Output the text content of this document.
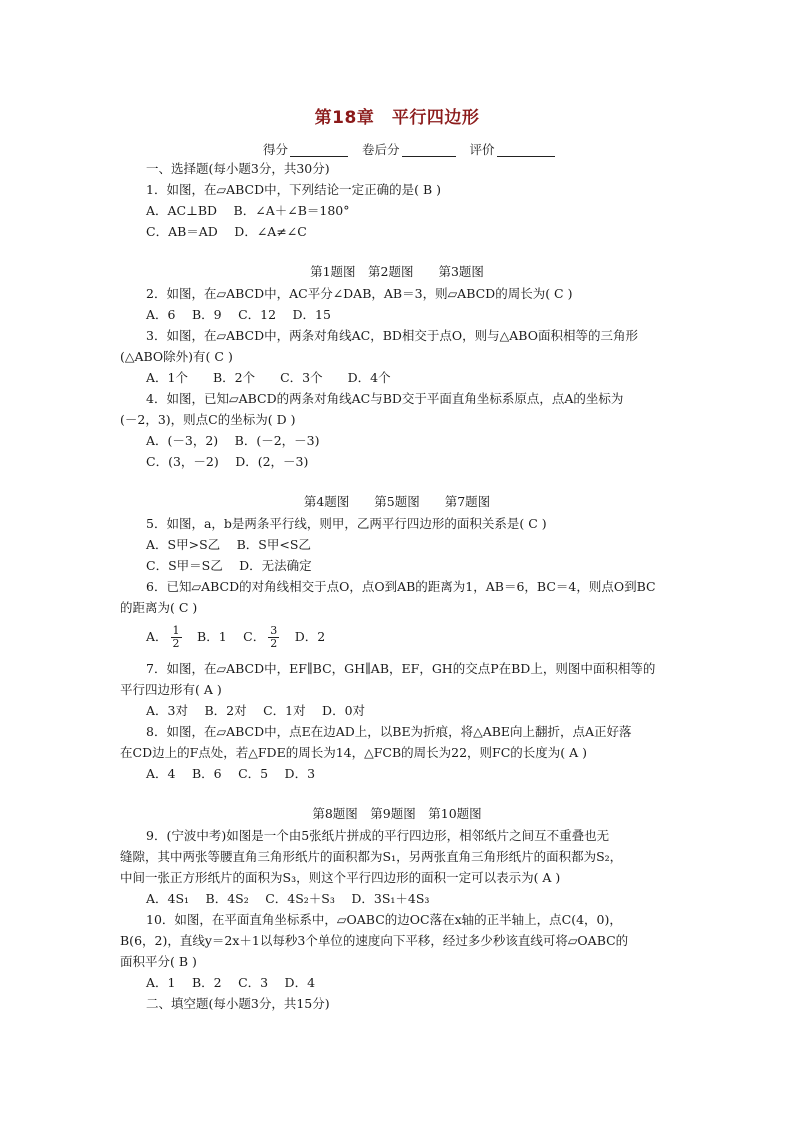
第18章　平行四边形
得分	卷后分	评价
一、选择题(每小题3分，共30分)
1．如图，在▱ABCD中，下列结论一定正确的是( B )
A．AC⊥BD　 B．∠A＋∠B＝180°
C．AB＝AD　 D．∠A≠∠C
第1题图　第2题图　　第3题图
2．如图，在▱ABCD中，AC平分∠DAB，AB＝3，则▱ABCD的周长为( C )
A．6　 B．9　 C．12　 D．15
3．如图，在▱ABCD中，两条对角线AC，BD相交于点O，则与△ABO面积相等的三角形
(△ABO除外)有( C )
A．1个　　B．2个　　C．3个　　D．4个
4．如图，已知▱ABCD的两条对角线AC与BD交于平面直角坐标系原点，点A的坐标为
(－2，3)，则点C的坐标为( D )
A．(－3，2)　 B．(－2，－3)
C．(3，－2)　 D．(2，－3)
第4题图　　第5题图　　第7题图
5．如图，a，b是两条平行线，则甲，乙两平行四边形的面积关系是( C )
A．S甲>S乙　 B．S甲<S乙
C．S甲＝S乙　 D．无法确定
6．已知▱ABCD的对角线相交于点O，点O到AB的距离为1，AB＝6，BC＝4，则点O到BC
的距离为( C )
A． $\frac{1}{2}$ 　B．1　 C． $\frac{3}{2}$ 　D．2
7．如图，在▱ABCD中，EF∥BC，GH∥AB，EF，GH的交点P在BD上，则图中面积相等的
平行四边形有( A )
A．3对　 B．2对　 C．1对　 D．0对
8．如图，在▱ABCD中，点E在边AD上，以BE为折痕，将△ABE向上翻折，点A正好落
在CD边上的F点处，若△FDE的周长为14，△FCB的周长为22，则FC的长度为( A )
A．4　 B．6　 C．5　 D．3
第8题图　第9题图　第10题图
9．(宁波中考)如图是一个由5张纸片拼成的平行四边形，相邻纸片之间互不重叠也无
缝隙，其中两张等腰直角三角形纸片的面积都为S₁，另两张直角三角形纸片的面积都为S₂，
中间一张正方形纸片的面积为S₃，则这个平行四边形的面积一定可以表示为( A )
A．4S₁　 B．4S₂　 C．4S₂＋S₃　 D．3S₁＋4S₃
10．如图，在平面直角坐标系中，▱OABC的边OC落在x轴的正半轴上，点C(4，0)，
B(6，2)，直线y＝2x＋1以每秒3个单位的速度向下平移，经过多少秒该直线可将▱OABC的
面积平分( B )
A．1　 B．2　 C．3　 D．4
二、填空题(每小题3分，共15分)
